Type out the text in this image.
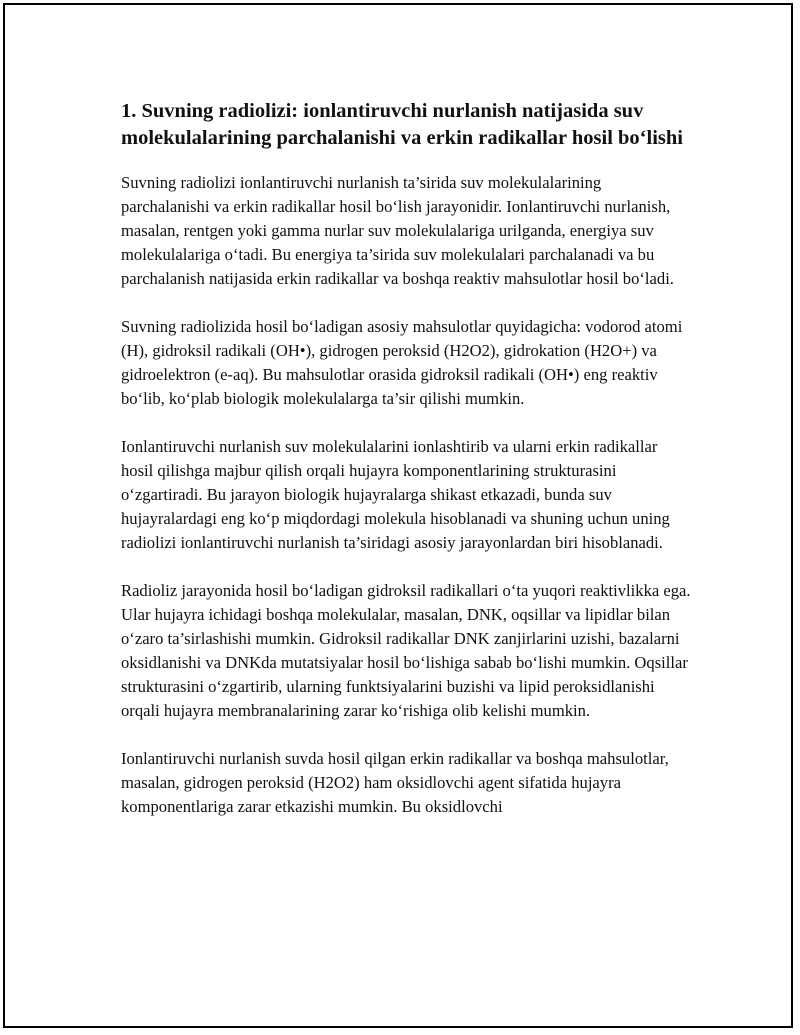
1. Suvning radiolizi: ionlantiruvchi nurlanish natijasida suv molekulalarining parchalanishi va erkin radikallar hosil bo‘lishi

Suvning radiolizi ionlantiruvchi nurlanish ta’sirida suv molekulalarining parchalanishi va erkin radikallar hosil bo‘lish jarayonidir. Ionlantiruvchi nurlanish, masalan, rentgen yoki gamma nurlar suv molekulalariga urilganda, energiya suv molekulalariga o‘tadi. Bu energiya ta’sirida suv molekulalari parchalanadi va bu parchalanish natijasida erkin radikallar va boshqa reaktiv mahsulotlar hosil bo‘ladi.

Suvning radiolizida hosil bo‘ladigan asosiy mahsulotlar quyidagicha: vodorod atomi (H), gidroksil radikali (OH•), gidrogen peroksid (H2O2), gidrokation (H2O+) va gidroelektron (e-aq). Bu mahsulotlar orasida gidroksil radikali (OH•) eng reaktiv bo‘lib, ko‘plab biologik molekulalarga ta’sir qilishi mumkin.

Ionlantiruvchi nurlanish suv molekulalarini ionlashtirib va ularni erkin radikallar hosil qilishga majbur qilish orqali hujayra komponentlarining strukturasini o‘zgartiradi. Bu jarayon biologik hujayralarga shikast etkazadi, bunda suv hujayralardagi eng ko‘p miqdordagi molekula hisoblanadi va shuning uchun uning radiolizi ionlantiruvchi nurlanish ta’siridagi asosiy jarayonlardan biri hisoblanadi.

Radioliz jarayonida hosil bo‘ladigan gidroksil radikallari o‘ta yuqori reaktivlikka ega. Ular hujayra ichidagi boshqa molekulalar, masalan, DNK, oqsillar va lipidlar bilan o‘zaro ta’sirlashishi mumkin. Gidroksil radikallar DNK zanjirlarini uzishi, bazalarni oksidlanishi va DNKda mutatsiyalar hosil bo‘lishiga sabab bo‘lishi mumkin. Oqsillar strukturasini o‘zgartirib, ularning funktsiyalarini buzishi va lipid peroksidlanishi orqali hujayra membranalarining zarar ko‘rishiga olib kelishi mumkin.

Ionlantiruvchi nurlanish suvda hosil qilgan erkin radikallar va boshqa mahsulotlar, masalan, gidrogen peroksid (H2O2) ham oksidlovchi agent sifatida hujayra komponentlariga zarar etkazishi mumkin. Bu oksidlovchi
